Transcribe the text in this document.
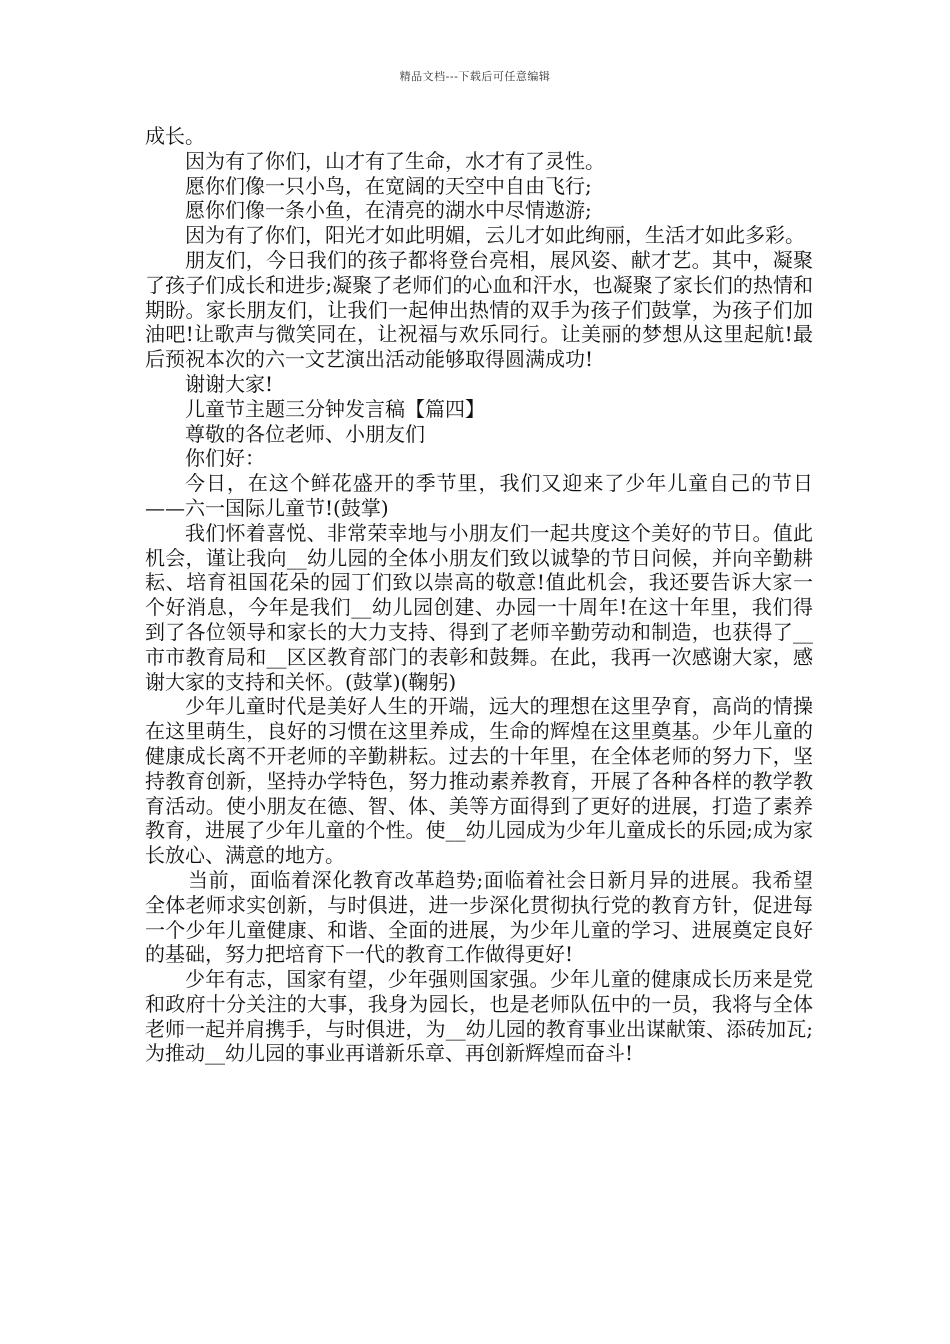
精品文档---下载后可任意编辑

成长。

因为有了你们，山才有了生命，水才有了灵性。

愿你们像一只小鸟，在宽阔的天空中自由飞行;

愿你们像一条小鱼，在清亮的湖水中尽情遨游;

因为有了你们，阳光才如此明媚，云儿才如此绚丽，生活才如此多彩。

朋友们，今日我们的孩子都将登台亮相，展风姿、献才艺。其中，凝聚了孩子们成长和进步;凝聚了老师们的心血和汗水，也凝聚了家长们的热情和期盼。家长朋友们，让我们一起伸出热情的双手为孩子们鼓掌，为孩子们加油吧!让歌声与微笑同在，让祝福与欢乐同行。让美丽的梦想从这里起航!最后预祝本次的六一文艺演出活动能够取得圆满成功!

谢谢大家!

儿童节主题三分钟发言稿【篇四】

尊敬的各位老师、小朋友们

你们好：

今日，在这个鲜花盛开的季节里，我们又迎来了少年儿童自己的节日——六一国际儿童节!(鼓掌)

我们怀着喜悦、非常荣幸地与小朋友们一起共度这个美好的节日。值此机会，谨让我向__幼儿园的全体小朋友们致以诚挚的节日问候，并向辛勤耕耘、培育祖国花朵的园丁们致以崇高的敬意!值此机会，我还要告诉大家一个好消息，今年是我们__幼儿园创建、办园一十周年!在这十年里，我们得到了各位领导和家长的大力支持、得到了老师辛勤劳动和制造，也获得了__市市教育局和__区区教育部门的表彰和鼓舞。在此，我再一次感谢大家，感谢大家的支持和关怀。(鼓掌)(鞠躬)

少年儿童时代是美好人生的开端，远大的理想在这里孕育，高尚的情操在这里萌生，良好的习惯在这里养成，生命的辉煌在这里奠基。少年儿童的健康成长离不开老师的辛勤耕耘。过去的十年里，在全体老师的努力下，坚持教育创新，坚持办学特色，努力推动素养教育，开展了各种各样的教学教育活动。使小朋友在德、智、体、美等方面得到了更好的进展，打造了素养教育，进展了少年儿童的个性。使__幼儿园成为少年儿童成长的乐园;成为家长放心、满意的地方。

当前，面临着深化教育改革趋势;面临着社会日新月异的进展。我希望全体老师求实创新，与时俱进，进一步深化贯彻执行党的教育方针，促进每一个少年儿童健康、和谐、全面的进展，为少年儿童的学习、进展奠定良好的基础，努力把培育下一代的教育工作做得更好!

少年有志，国家有望，少年强则国家强。少年儿童的健康成长历来是党和政府十分关注的大事，我身为园长，也是老师队伍中的一员，我将与全体老师一起并肩携手，与时俱进，为__幼儿园的教育事业出谋献策、添砖加瓦;为推动__幼儿园的事业再谱新乐章、再创新辉煌而奋斗!
